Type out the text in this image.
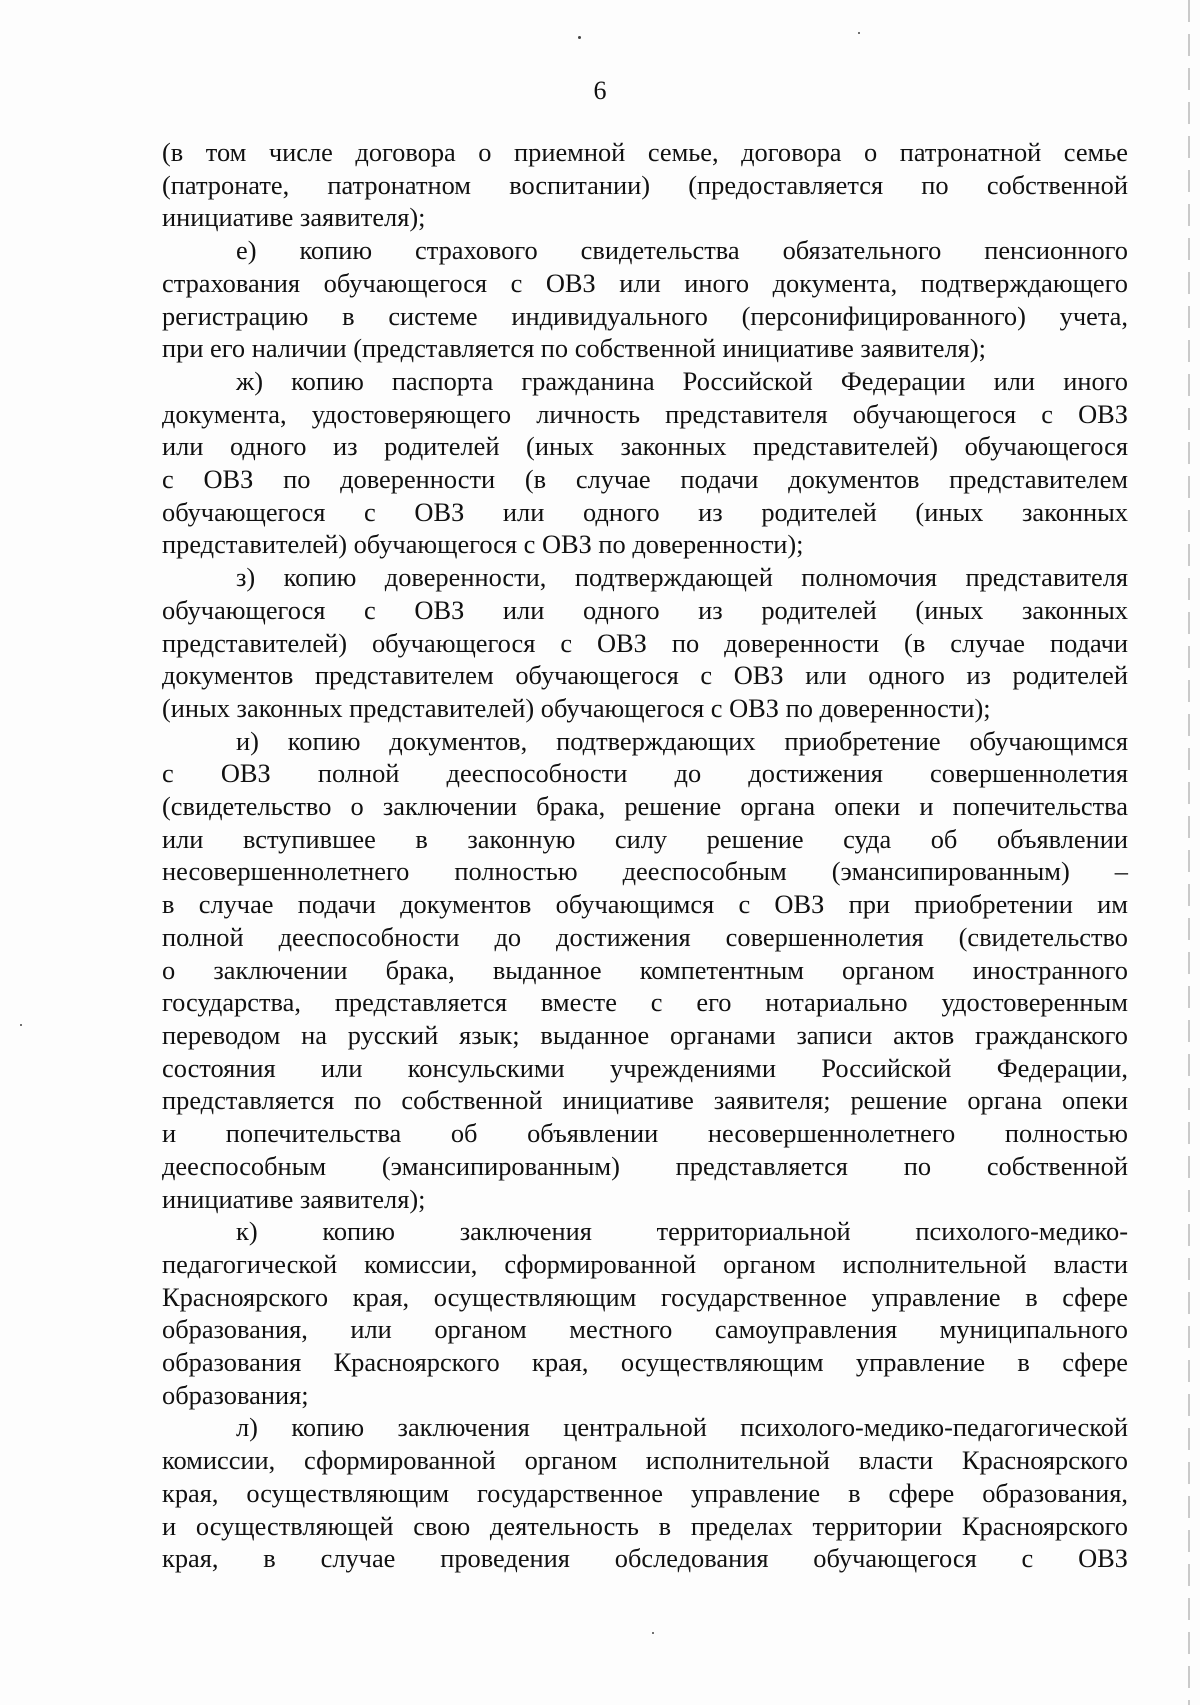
6
(в том числе договора о приемной семье, договора о патронатной семье
(патронате, патронатном воспитании) (предоставляется по собственной
инициативе заявителя);
е) копию страхового свидетельства обязательного пенсионного
страхования обучающегося с ОВЗ или иного документа, подтверждающего
регистрацию в системе индивидуального (персонифицированного) учета,
при его наличии (представляется по собственной инициативе заявителя);
ж) копию паспорта гражданина Российской Федерации или иного
документа, удостоверяющего личность представителя обучающегося с ОВЗ
или одного из родителей (иных законных представителей) обучающегося
с ОВЗ по доверенности (в случае подачи документов представителем
обучающегося с ОВЗ или одного из родителей (иных законных
представителей) обучающегося с ОВЗ по доверенности);
з) копию доверенности, подтверждающей полномочия представителя
обучающегося с ОВЗ или одного из родителей (иных законных
представителей) обучающегося с ОВЗ по доверенности (в случае подачи
документов представителем обучающегося с ОВЗ или одного из родителей
(иных законных представителей) обучающегося с ОВЗ по доверенности);
и) копию документов, подтверждающих приобретение обучающимся
с ОВЗ полной дееспособности до достижения совершеннолетия
(свидетельство о заключении брака, решение органа опеки и попечительства
или вступившее в законную силу решение суда об объявлении
несовершеннолетнего полностью дееспособным (эмансипированным) –
в случае подачи документов обучающимся с ОВЗ при приобретении им
полной дееспособности до достижения совершеннолетия (свидетельство
о заключении брака, выданное компетентным органом иностранного
государства, представляется вместе с его нотариально удостоверенным
переводом на русский язык; выданное органами записи актов гражданского
состояния или консульскими учреждениями Российской Федерации,
представляется по собственной инициативе заявителя; решение органа опеки
и попечительства об объявлении несовершеннолетнего полностью
дееспособным (эмансипированным) представляется по собственной
инициативе заявителя);
к) копию заключения территориальной психолого-медико-
педагогической комиссии, сформированной органом исполнительной власти
Красноярского края, осуществляющим государственное управление в сфере
образования, или органом местного самоуправления муниципального
образования Красноярского края, осуществляющим управление в сфере
образования;
л) копию заключения центральной психолого-медико-педагогической
комиссии, сформированной органом исполнительной власти Красноярского
края, осуществляющим государственное управление в сфере образования,
и осуществляющей свою деятельность в пределах территории Красноярского
края, в случае проведения обследования обучающегося с ОВЗ
